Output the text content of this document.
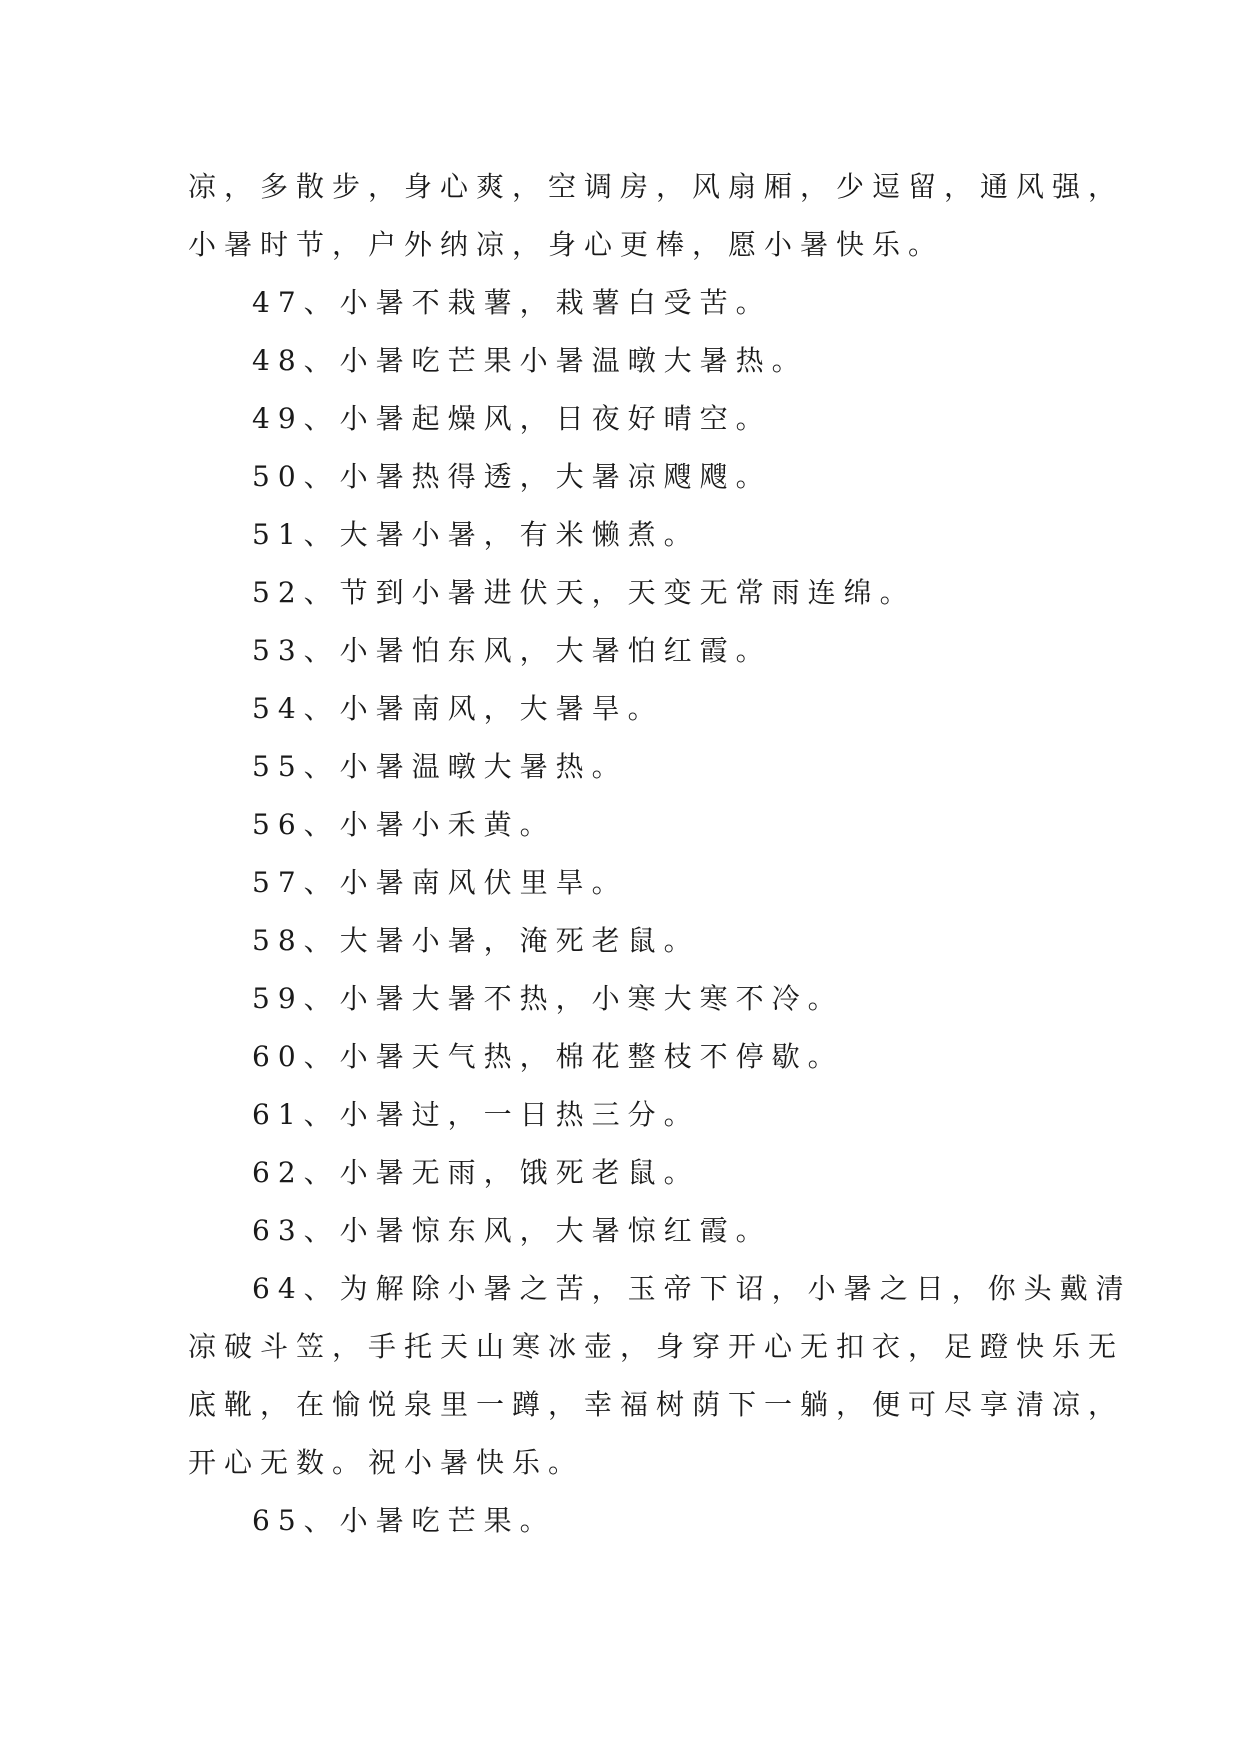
凉，多散步，身心爽，空调房，风扇厢，少逗留，通风强，
小暑时节，户外纳凉，身心更棒，愿小暑快乐。
47、小暑不栽薯，栽薯白受苦。
48、小暑吃芒果小暑温暾大暑热。
49、小暑起燥风，日夜好晴空。
50、小暑热得透，大暑凉飕飕。
51、大暑小暑，有米懒煮。
52、节到小暑进伏天，天变无常雨连绵。
53、小暑怕东风，大暑怕红霞。
54、小暑南风，大暑旱。
55、小暑温暾大暑热。
56、小暑小禾黄。
57、小暑南风伏里旱。
58、大暑小暑，淹死老鼠。
59、小暑大暑不热，小寒大寒不冷。
60、小暑天气热，棉花整枝不停歇。
61、小暑过，一日热三分。
62、小暑无雨，饿死老鼠。
63、小暑惊东风，大暑惊红霞。
64、为解除小暑之苦，玉帝下诏，小暑之日，你头戴清
凉破斗笠，手托天山寒冰壶，身穿开心无扣衣，足蹬快乐无
底靴，在愉悦泉里一蹲，幸福树荫下一躺，便可尽享清凉，
开心无数。祝小暑快乐。
65、小暑吃芒果。
